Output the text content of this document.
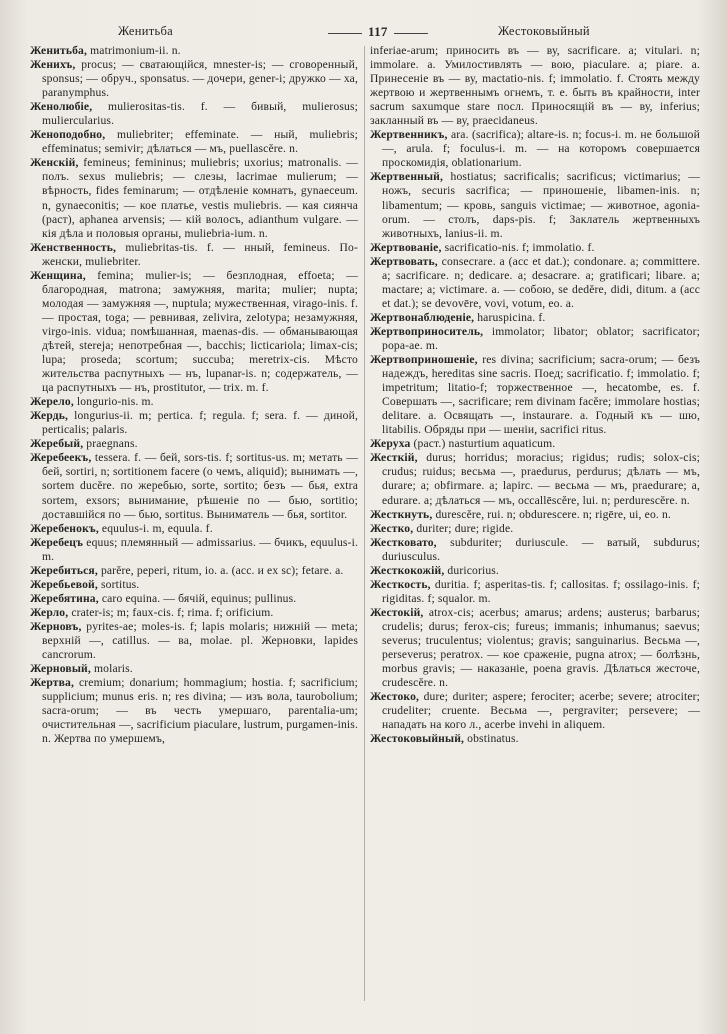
Женитьба	117	Жестоковыйный

Женитьба, matrimonium-ii. n.

Женихъ, procus; — сватающійся, mnester-is; — сговоренный, sponsus; — обруч., sponsatus. — дочери, gener-i; дружко — ха, paranymphus.

Женолюбіе, mulierositas-tis. f. — бивый, mulierosus; muliercularius.

Женоподобно, muliebriter; effeminate. — ный, muliebris; effeminatus; semivir; дѣлаться — мъ, puellascĕre. n.

Женскій, femineus; femininus; muliebris; uxorius; matronalis. — полъ. sexus muliebris; — слезы, lacrimae mulierum; — вѣрность, fides feminarum; — отдѣленіе комнатъ, gynaeceum. n, gynaeconitis; — кое платье, vestis muliebris. — кая сиянча (раст), aphanea arvensis; — кій волосъ, adianthum vulgare. — кія дѣла и половыя органы, muliebria-ium. n.

Женственность, muliebritas-tis. f. — нный, femineus. По-женски, muliebriter.

Женщина, femina; mulier-is; — безплодная, effoeta; — благородная, matrona; замужняя, marita; mulier; nupta; молодая — замужняя —, nuptula; мужественная, virago-inis. f. — простая, toga; — ревнивая, zelivira, zelotypa; незамужняя, virgo-inis. vidua; помѣшанная, maenas-dis. — обманывающая дѣтей, stereja; непотребная —, bacchis; licticariola; limax-cis; lupa; proseda; scortum; succuba; meretrix-cis. Мѣсто жительства распутныхъ — нъ, lupanar-is. n; содержатель, — ца распутныхъ — нъ, prostitutor, — trix. m. f.

Жерело, longurio-nis. m.

Жердь, longurius-ii. m; pertica. f; regula. f; sera. f. — диной, perticalis; palaris.

Жеребый, praegnans.

Жеребеекъ, tessera. f. — бей, sors-tis. f; sortitus-us. m; метать — бей, sortiri, n; sortitionem facere (о чемъ, aliquid); вынимать —, sortem ducĕre. по жеребью, sorte, sortito; безъ — бья, extra sortem, exsors; вынимание, рѣшеніе по — бью, sortitio; доставшійся по — бью, sortitus. Выниматель — бья, sortitor.

Жеребенокъ, equulus-i. m, equula. f.

Жеребецъ equus; племянный — admissarius. — бчикъ, equulus-i. m.

Жеребиться, parĕre, peperi, ritum, io. a. (acc. и ex sc); fetare. a.

Жеребьевой, sortitus.

Жеребятина, caro equina. — бячій, equinus; pullinus.

Жерло, crater-is; m; faux-cis. f; rima. f; orificium.

Жерновъ, pyrites-ae; moles-is. f; lapis molaris; нижній — meta; верхній —, catillus. — ва, molae. pl. Жерновки, lapides cancrorum.

Жерновый, molaris.

Жертва, cremium; donarium; hommagium; hostia. f; sacrificium; supplicium; munus eris. n; res divina; — изъ вола, taurobolium; sacra-orum; — въ честь умершаго, parentalia-um; очистительная —, sacrificium piaculare, lustrum, purgamen-inis. n. Жертва по умершемъ,

inferiae-arum; приносить въ — ву, sacrificare. a; vitulari. n; immolare. a. Умилостивлять — вою, piaculare. a; piare. a. Принесеніе въ — ву, mactatio-nis. f; immolatio. f. Стоять между жертвою и жертвеннымъ огнемъ, т. е. быть въ крайности, inter sacrum saxumque stare посл. Приносящій въ — ву, inferius; закланный въ — ву, praecidaneus.

Жертвенникъ, ara. (sacrifica); altare-is. n; focus-i. m. не большой —, arula. f; foculus-i. m. — на которомъ совершается проскомидія, oblationarium.

Жертвенный, hostiatus; sacrificalis; sacrificus; victimarius; — ножъ, securis sacrifica; — приношеніе, libamen-inis. n; libamentum; — кровь, sanguis victimae; — животное, agonia-orum. — столъ, daps-pis. f; Заклатель жертвенныхъ животныхъ, lanius-ii. m.

Жертвованіе, sacrificatio-nis. f; immolatio. f.

Жертвовать, consecrare. a (acc et dat.); condonare. a; committere. a; sacrificare. n; dedicare. a; desacrare. a; gratificari; libare. a; mactare; a; victimare. a. — собою, se dedĕre, didi, ditum. a (acc et dat.); se devovēre, vovi, votum, eo. a.

Жертвонаблюденіе, haruspicina. f.

Жертвоприноситель, immolator; libator; oblator; sacrificator; popa-ae. m.

Жертвоприношеніе, res divina; sacrificium; sacra-orum; — безъ надеждъ, hereditas sine sacris. Поед; sacrificatio. f; immolatio. f; impetritum; litatio-f; торжественное —, hecatombe, es. f. Совершать —, sacrificare; rem divinam facĕre; immolare hostias; delitare. a. Освящать —, instaurare. a. Годный къ — шю, litabilis. Обряды при — шеніи, sacrifici ritus.

Жеруха (раст.) nasturtium aquaticum.

Жесткій, durus; horridus; moracius; rigidus; rudis; solox-cis; crudus; ruidus; весьма —, praedurus, perdurus; дѣлать — мъ, durare; a; obfirmare. a; lapirc. — весьма — мъ, praedurare; a, edurare. a; дѣлаться — мъ, occallēscĕre, lui. n; perdurescĕre. n.

Жесткнуть, durescĕre, rui. n; obdurescere. n; rigēre, ui, eo. n.

Жестко, duriter; dure; rigide.

Жестковато, subduriter; duriuscule. — ватый, subdurus; duriusculus.

Жесткокожій, duricorius.

Жесткость, duritia. f; asperitas-tis. f; callositas. f; ossilago-inis. f; rigiditas. f; squalor. m.

Жестокій, atrox-cis; acerbus; amarus; ardens; austerus; barbarus; crudelis; durus; ferox-cis; fureus; immanis; inhumanus; saevus; severus; truculentus; violentus; gravis; sanguinarius. Весьма —, perseverus; peratrox. — кое сраженіе, pugna atrox; — болѣзнь, morbus gravis; — наказаніе, poena gravis. Дѣлаться жесточе, crudescĕre. n.

Жестоко, dure; duriter; aspere; ferociter; acerbe; severe; atrociter; crudeliter; cruente. Весьма —, pergraviter; persevere; — нападать на кого л., acerbe invehi in aliquem.

Жестоковыйный, obstinatus.
